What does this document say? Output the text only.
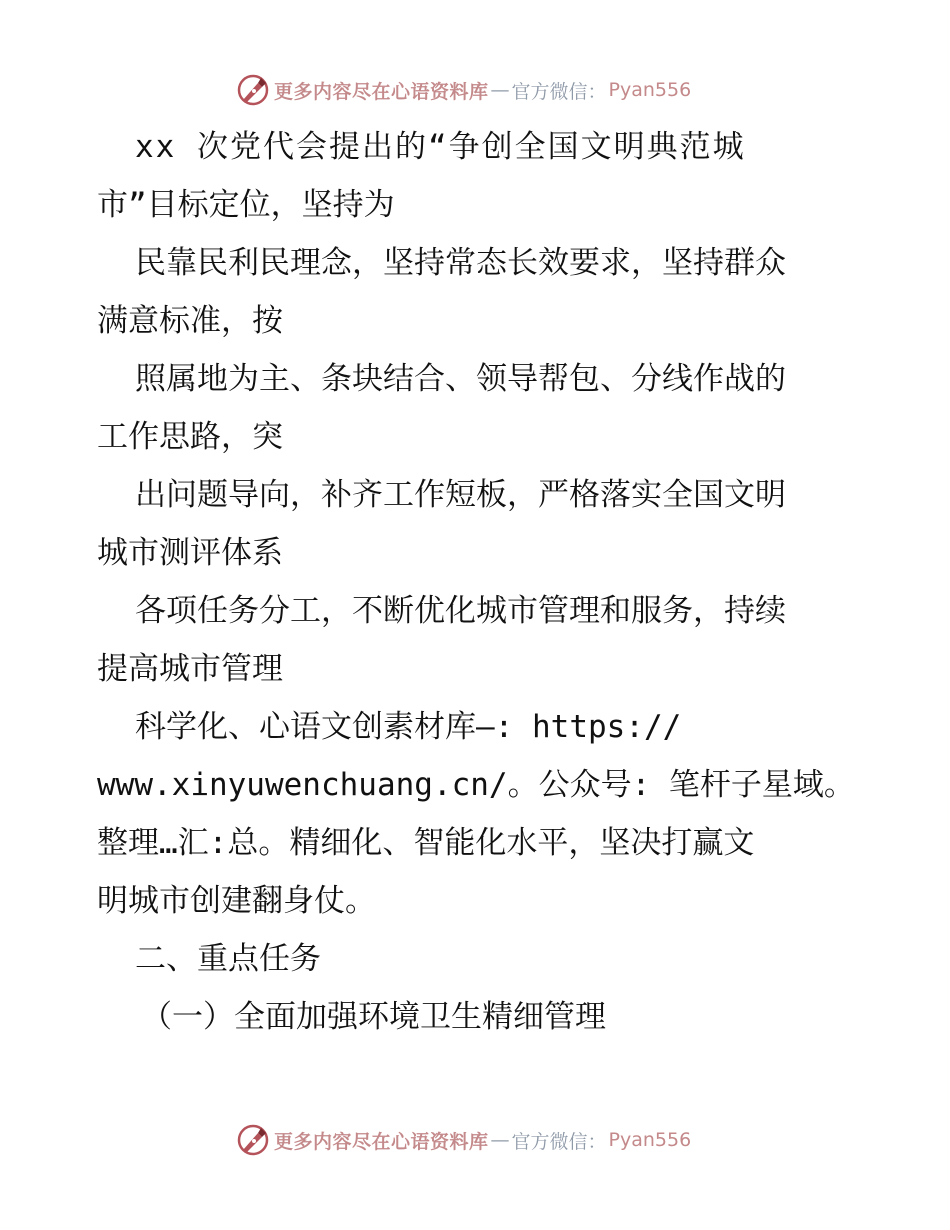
更多内容尽在心语资料库 — 官方微信： Pyan556
xx 次党代会提出的“争创全国文明典范城
市”目标定位，坚持为
民靠民利民理念，坚持常态长效要求，坚持群众
满意标准，按
照属地为主、条块结合、领导帮包、分线作战的
工作思路，突
出问题导向，补齐工作短板，严格落实全国文明
城市测评体系
各项任务分工，不断优化城市管理和服务，持续
提高城市管理
科学化、心语文创素材库—: https://
www.xinyuwenchuang.cn/。公众号: 笔杆子星域。
整理…汇:总。精细化、智能化水平，坚决打赢文
明城市创建翻身仗。
二、重点任务
（一）全面加强环境卫生精细管理
更多内容尽在心语资料库 — 官方微信： Pyan556
